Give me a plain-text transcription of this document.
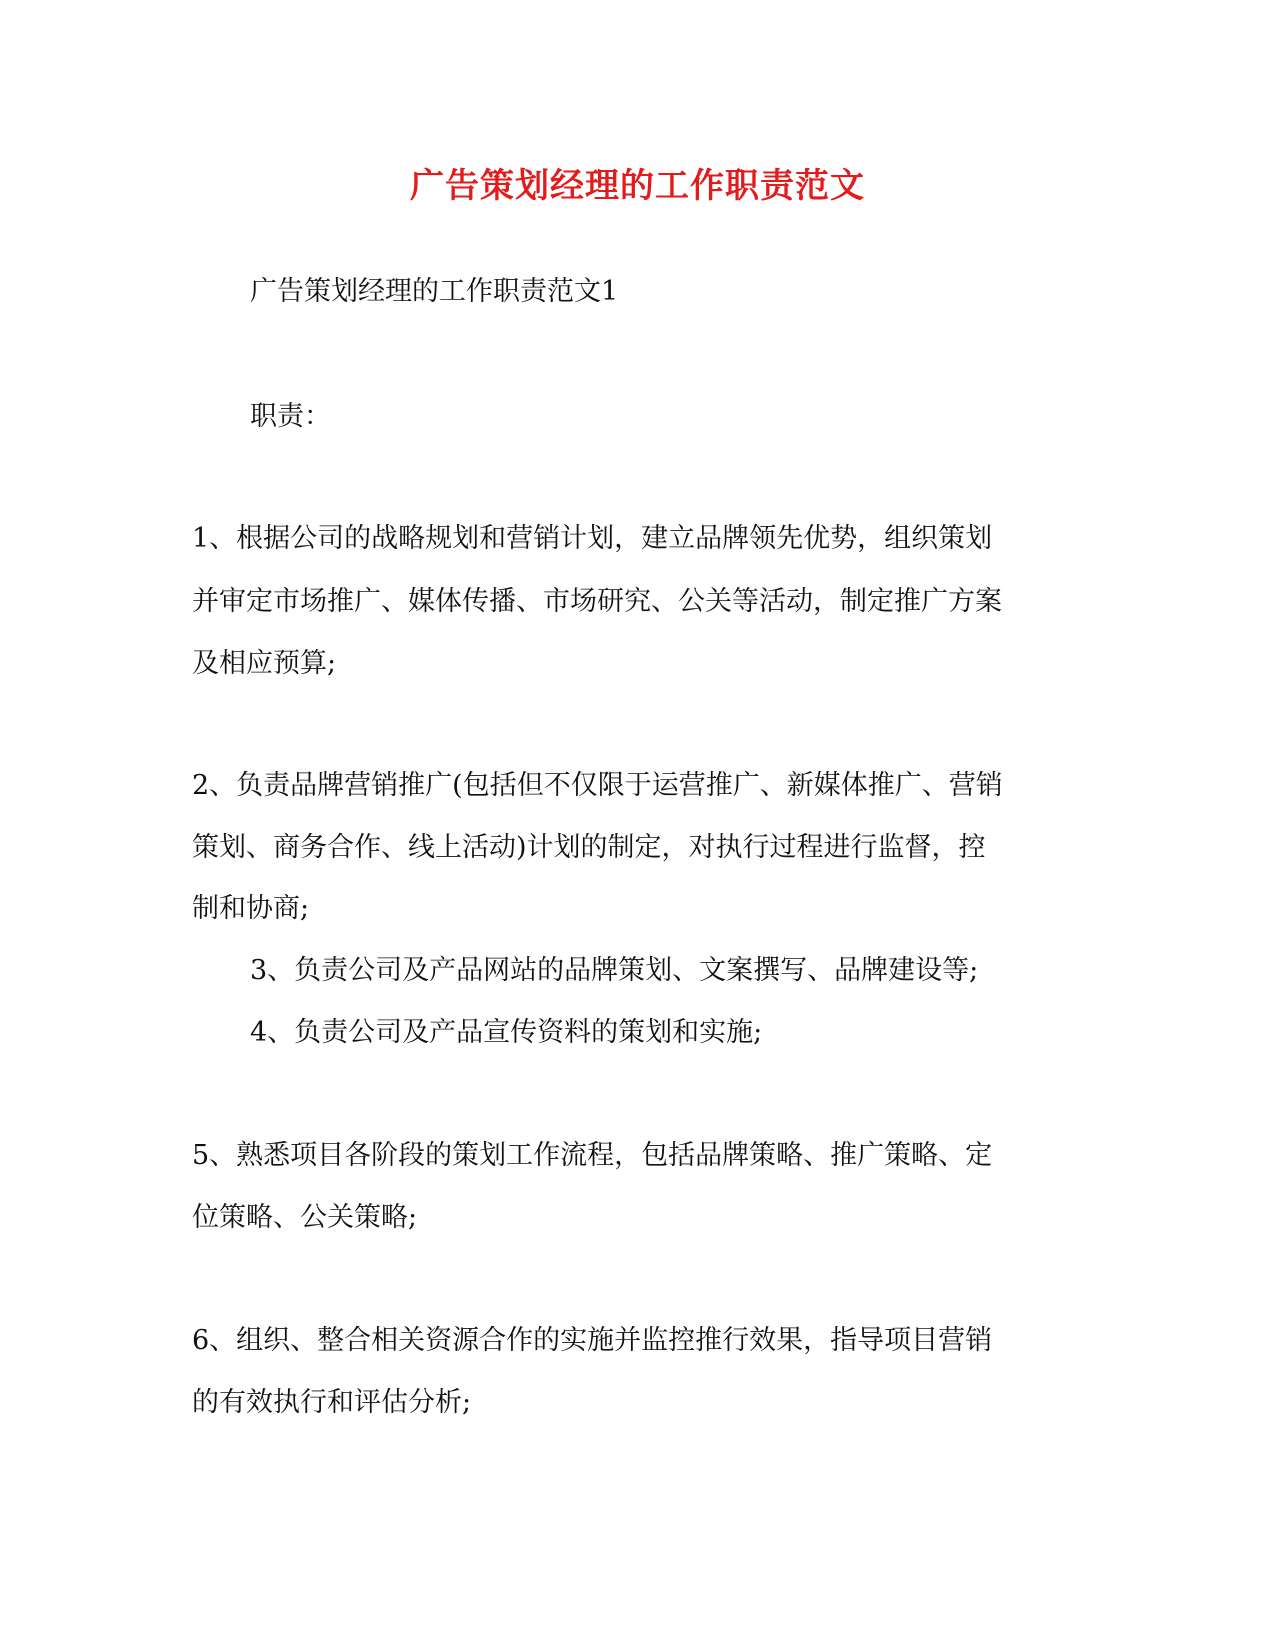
广告策划经理的工作职责范文
广告策划经理的工作职责范文1
职责：
1、根据公司的战略规划和营销计划，建立品牌领先优势，组织策划
并审定市场推广、媒体传播、市场研究、公关等活动，制定推广方案
及相应预算;
2、负责品牌营销推广(包括但不仅限于运营推广、新媒体推广、营销
策划、商务合作、线上活动)计划的制定，对执行过程进行监督，控
制和协商;
3、负责公司及产品网站的品牌策划、文案撰写、品牌建设等;
4、负责公司及产品宣传资料的策划和实施;
5、熟悉项目各阶段的策划工作流程，包括品牌策略、推广策略、定
位策略、公关策略;
6、组织、整合相关资源合作的实施并监控推行效果，指导项目营销
的有效执行和评估分析;
